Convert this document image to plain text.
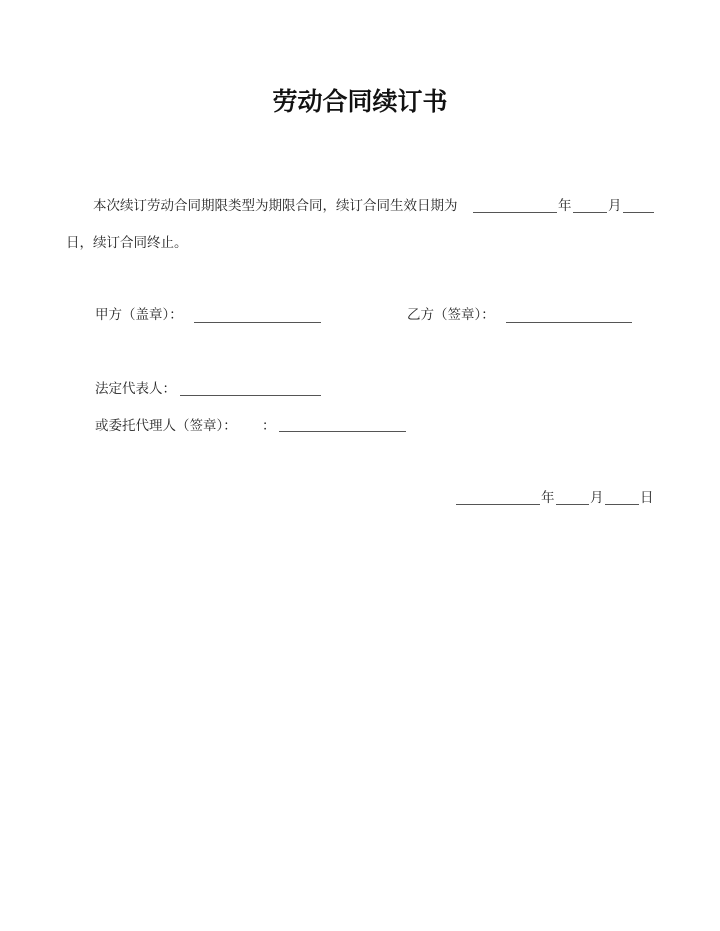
劳动合同续订书
本次续订劳动合同期限类型为期限合同，续订合同生效日期为	年	月
日，续订合同终止。
甲方（盖章）：	乙方（签章）：
法定代表人：
或委托代理人（签章）： ：
年	月	日
